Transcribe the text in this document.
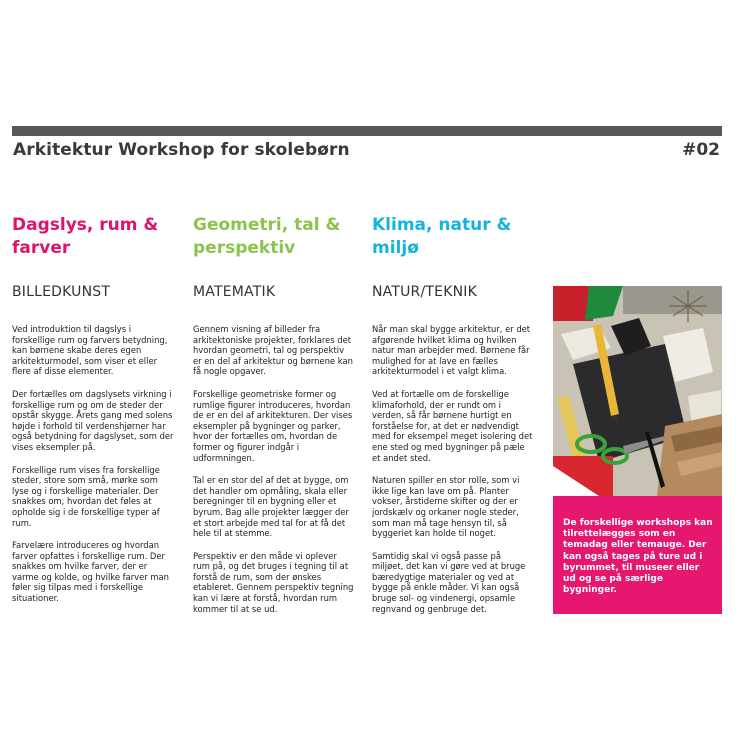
Arkitektur Workshop for skolebørn	#02
Dagslys, rum & farver
BILLEDKUNST

Ved introduktion til dagslys i forskellige rum og farvers betydning, kan børnene skabe deres egen arkitekturmodel, som viser et eller flere af disse elementer.

Der fortælles om dagslysets virkning i forskellige rum og om de steder der opstår skygge. Årets gang med solens højde i forhold til verdenshjørner har også betydning for dagslyset, som der vises eksempler på.

Forskellige rum vises fra forskellige steder, store som små, mørke som lyse og i forskellige materialer. Der snakkes om, hvordan det føles at opholde sig i de forskellige typer af rum.

Farvelære introduceres og hvordan farver opfattes i forskellige rum. Der snakkes om hvilke farver, der er varme og kolde, og hvilke farver man føler sig tilpas med i forskellige situationer.

Geometri, tal & perspektiv
MATEMATIK

Gennem visning af billeder fra arkitektoniske projekter, forklares det hvordan geometri, tal og perspektiv er en del af arkitektur og børnene kan få nogle opgaver.

Forskellige geometriske former og rumlige figurer introduceres, hvordan de er en del af arkitekturen. Der vises eksempler på bygninger og parker, hvor der fortælles om, hvordan de former og figurer indgår i udformningen.

Tal er en stor del af det at bygge, om det handler om opmåling, skala eller beregninger til en bygning eller et byrum. Bag alle projekter lægger der et stort arbejde med tal for at få det hele til at stemme.

Perspektiv er den måde vi oplever rum på, og det bruges i tegning til at forstå de rum, som der ønskes etableret. Gennem perspektiv tegning kan vi lære at forstå, hvordan rum kommer til at se ud.

Klima, natur & miljø
NATUR/TEKNIK

Når man skal bygge arkitektur, er det afgørende hvilket klima og hvilken natur man arbejder med. Børnene får mulighed for at lave en fælles arkitekturmodel i et valgt klima.

Ved at fortælle om de forskellige klimaforhold, der er rundt om i verden, så får børnene hurtigt en forståelse for, at det er nødvendigt med for eksempel meget isolering det ene sted og med bygninger på pæle et andet sted.

Naturen spiller en stor rolle, som vi ikke lige kan lave om på. Planter vokser, årstiderne skifter og der er jordskælv og orkaner nogle steder, som man må tage hensyn til, så byggeriet kan holde til noget.

Samtidig skal vi også passe på miljøet, det kan vi gøre ved at bruge bæredygtige materialer og ved at bygge på enkle måder. Vi kan også bruge sol- og vindenergi, opsamle regnvand og genbruge det.

De forskellige workshops kan tilrettelægges som en temadag eller temauge. Der kan også tages på ture ud i byrummet, til museer eller ud og se på særlige bygninger.
